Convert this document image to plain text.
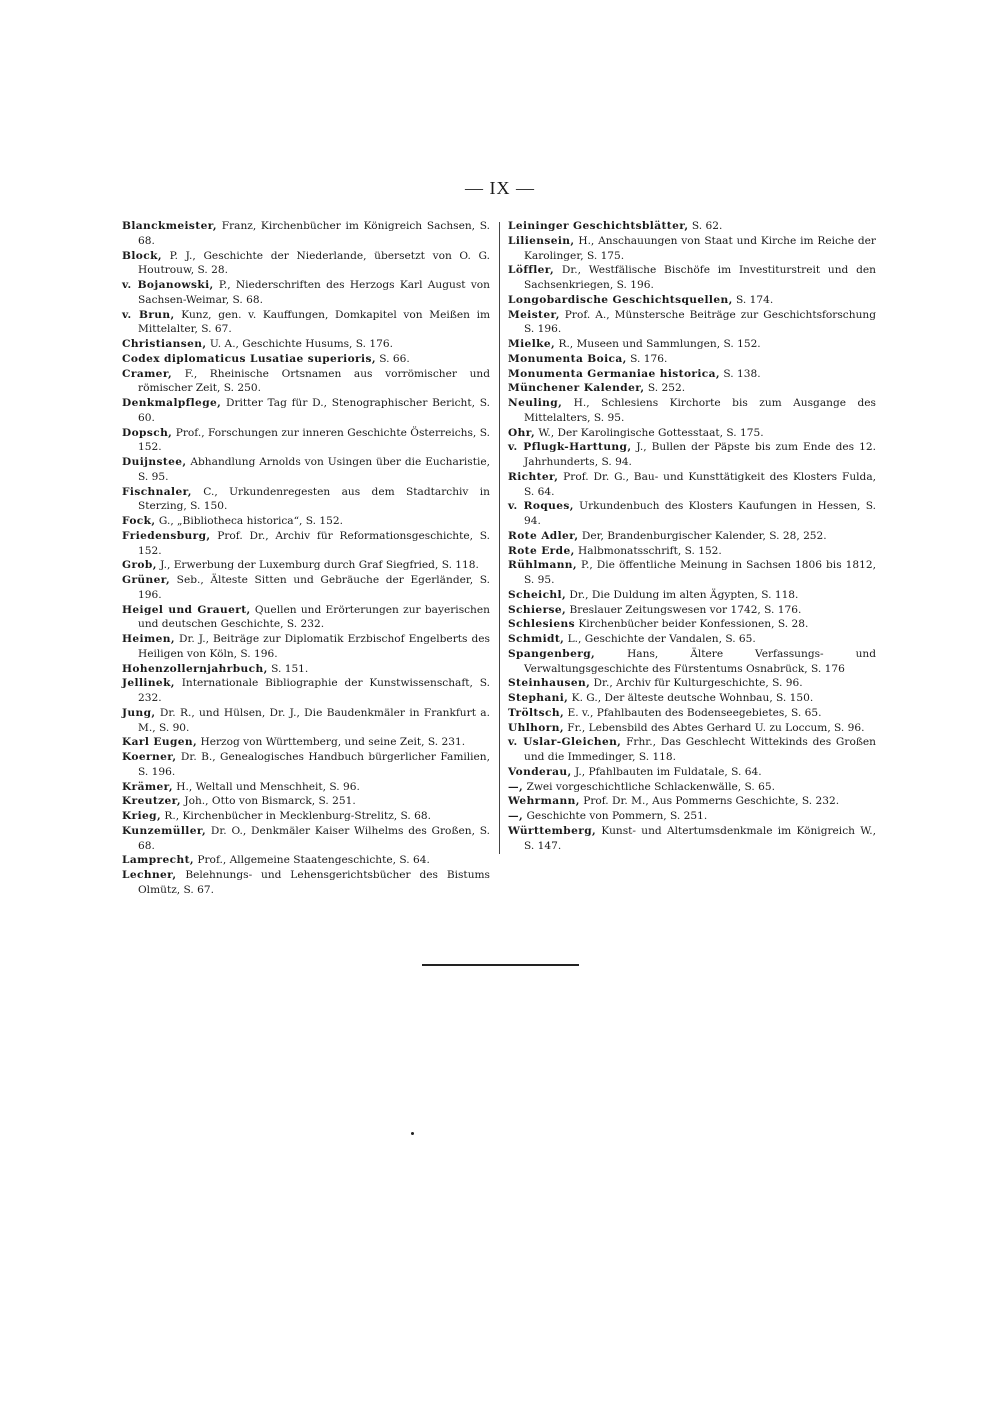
— IX —
Blanckmeister, Franz, Kirchenbücher im Königreich Sachsen, S. 68.
Block, P. J., Geschichte der Niederlande, übersetzt von O. G. Houtrouw, S. 28.
v. Bojanowski, P., Niederschriften des Herzogs Karl August von Sachsen-Weimar, S. 68.
v. Brun, Kunz, gen. v. Kauffungen, Domkapitel von Meißen im Mittelalter, S. 67.
Christiansen, U. A., Geschichte Husums, S. 176.
Codex diplomaticus Lusatiae superioris, S. 66.
Cramer, F., Rheinische Ortsnamen aus vorrömischer und römischer Zeit, S. 250.
Denkmalpflege, Dritter Tag für D., Stenographischer Bericht, S. 60.
Dopsch, Prof., Forschungen zur inneren Geschichte Österreichs, S. 152.
Duijnstee, Abhandlung Arnolds von Usingen über die Eucharistie, S. 95.
Fischnaler, C., Urkundenregesten aus dem Stadtarchiv in Sterzing, S. 150.
Fock, G., „Bibliotheca historica“, S. 152.
Friedensburg, Prof. Dr., Archiv für Reformationsgeschichte, S. 152.
Grob, J., Erwerbung der Luxemburg durch Graf Siegfried, S. 118.
Grüner, Seb., Älteste Sitten und Gebräuche der Egerländer, S. 196.
Heigel und Grauert, Quellen und Erörterungen zur bayerischen und deutschen Geschichte, S. 232.
Heimen, Dr. J., Beiträge zur Diplomatik Erzbischof Engelberts des Heiligen von Köln, S. 196.
Hohenzollernjahrbuch, S. 151.
Jellinek, Internationale Bibliographie der Kunstwissenschaft, S. 232.
Jung, Dr. R., und Hülsen, Dr. J., Die Baudenkmäler in Frankfurt a. M., S. 90.
Karl Eugen, Herzog von Württemberg, und seine Zeit, S. 231.
Koerner, Dr. B., Genealogisches Handbuch bürgerlicher Familien, S. 196.
Krämer, H., Weltall und Menschheit, S. 96.
Kreutzer, Joh., Otto von Bismarck, S. 251.
Krieg, R., Kirchenbücher in Mecklenburg-Strelitz, S. 68.
Kunzemüller, Dr. O., Denkmäler Kaiser Wilhelms des Großen, S. 68.
Lamprecht, Prof., Allgemeine Staatengeschichte, S. 64.
Lechner, Belehnungs- und Lehensgerichtsbücher des Bistums Olmütz, S. 67.
Leininger Geschichtsblätter, S. 62.
Liliensein, H., Anschauungen von Staat und Kirche im Reiche der Karolinger, S. 175.
Löffler, Dr., Westfälische Bischöfe im Investiturstreit und den Sachsenkriegen, S. 196.
Longobardische Geschichtsquellen, S. 174.
Meister, Prof. A., Münstersche Beiträge zur Geschichtsforschung S. 196.
Mielke, R., Museen und Sammlungen, S. 152.
Monumenta Boica, S. 176.
Monumenta Germaniae historica, S. 138.
Münchener Kalender, S. 252.
Neuling, H., Schlesiens Kirchorte bis zum Ausgange des Mittelalters, S. 95.
Ohr, W., Der Karolingische Gottesstaat, S. 175.
v. Pflugk-Harttung, J., Bullen der Päpste bis zum Ende des 12. Jahrhunderts, S. 94.
Richter, Prof. Dr. G., Bau- und Kunsttätigkeit des Klosters Fulda, S. 64.
v. Roques, Urkundenbuch des Klosters Kaufungen in Hessen, S. 94.
Rote Adler, Der, Brandenburgischer Kalender, S. 28, 252.
Rote Erde, Halbmonatsschrift, S. 152.
Rühlmann, P., Die öffentliche Meinung in Sachsen 1806 bis 1812, S. 95.
Scheichl, Dr., Die Duldung im alten Ägypten, S. 118.
Schierse, Breslauer Zeitungswesen vor 1742, S. 176.
Schlesiens Kirchenbücher beider Konfessionen, S. 28.
Schmidt, L., Geschichte der Vandalen, S. 65.
Spangenberg, Hans, Ältere Verfassungs- und Verwaltungsgeschichte des Fürstentums Osnabrück, S. 176
Steinhausen, Dr., Archiv für Kulturgeschichte, S. 96.
Stephani, K. G., Der älteste deutsche Wohnbau, S. 150.
Tröltsch, E. v., Pfahlbauten des Bodenseegebietes, S. 65.
Uhlhorn, Fr., Lebensbild des Abtes Gerhard U. zu Loccum, S. 96.
v. Uslar-Gleichen, Frhr., Das Geschlecht Wittekinds des Großen und die Immedinger, S. 118.
Vonderau, J., Pfahlbauten im Fuldatale, S. 64.
—, Zwei vorgeschichtliche Schlackenwälle, S. 65.
Wehrmann, Prof. Dr. M., Aus Pommerns Geschichte, S. 232.
—, Geschichte von Pommern, S. 251.
Württemberg, Kunst- und Altertumsdenkmale im Königreich W., S. 147.
